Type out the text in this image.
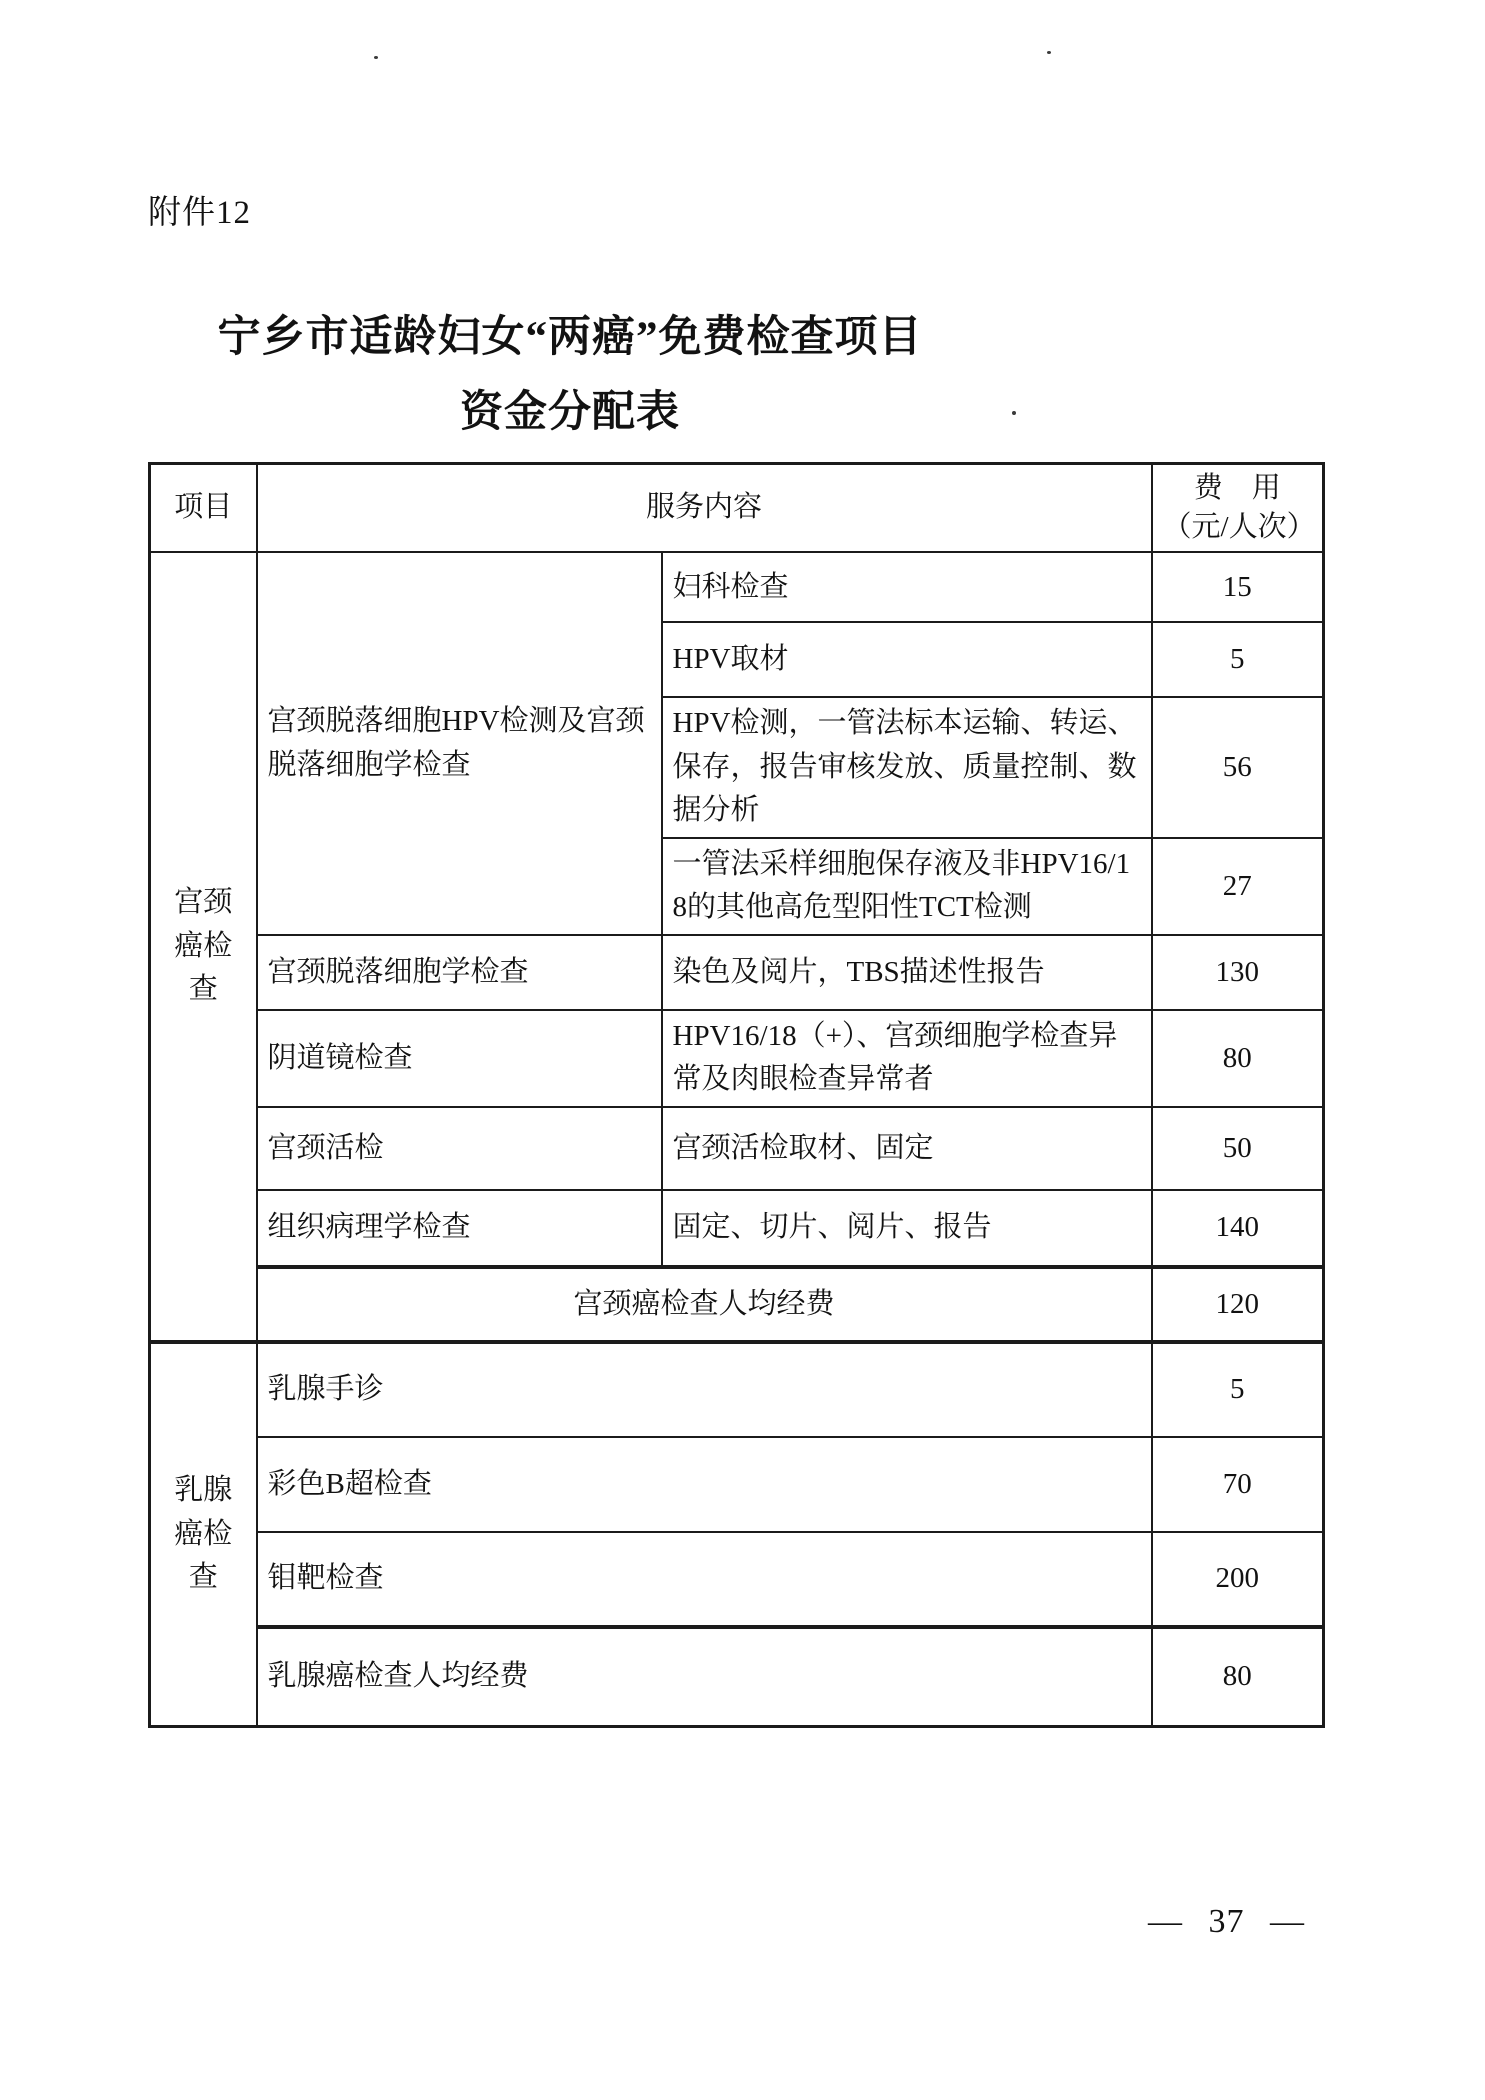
附件12
宁乡市适龄妇女“两癌”免费检查项目
资金分配表
项目	服务内容		费　用
（元/人次）

宫颈癌检查	宫颈脱落细胞HPV检测及宫颈脱落细胞学检查	妇科检查	15
		HPV取材	5
		HPV检测，一管法标本运输、转运、保存，报告审核发放、质量控制、数据分析	56
		一管法采样细胞保存液及非HPV16/18的其他高危型阳性TCT检测	27
	宫颈脱落细胞学检查	染色及阅片，TBS描述性报告	130
	阴道镜检查	HPV16/18（+）、宫颈细胞学检查异常及肉眼检查异常者	80
	宫颈活检	宫颈活检取材、固定	50
	组织病理学检查	固定、切片、阅片、报告	140
	宫颈癌检查人均经费		120
乳腺癌检查	乳腺手诊		5
	彩色B超检查		70
	钼靶检查		200
	乳腺癌检查人均经费		80
— 37 —
